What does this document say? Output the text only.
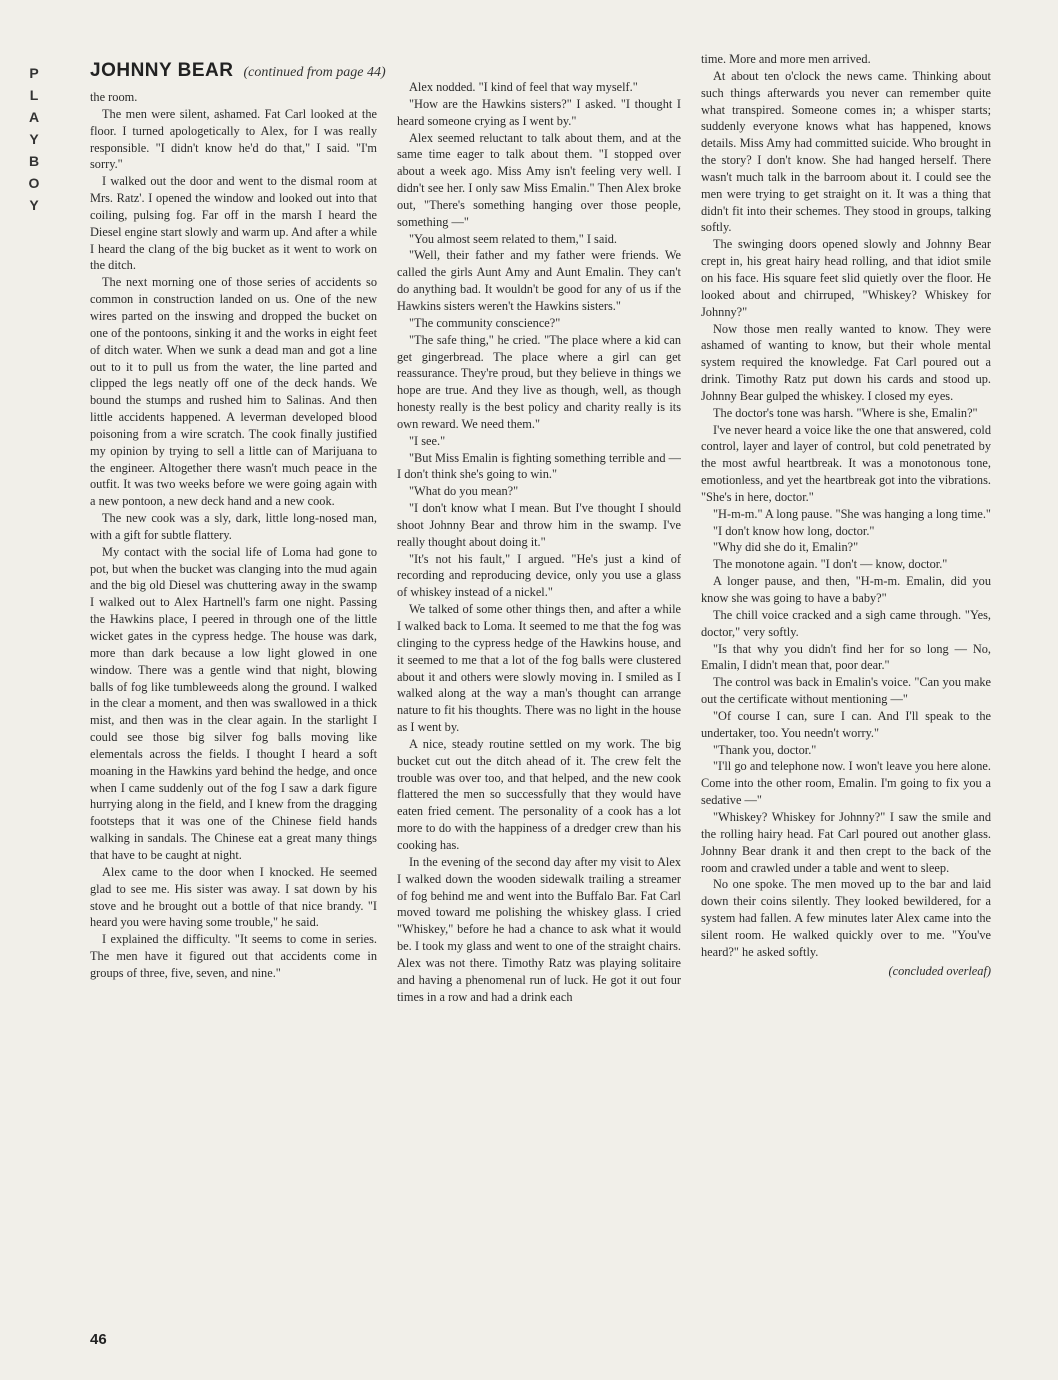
P
L
A
Y
B
O
Y
JOHNNY BEAR (continued from page 44)

the room.

The men were silent, ashamed. Fat Carl looked at the floor. I turned apologetically to Alex, for I was really responsible. "I didn't know he'd do that," I said. "I'm sorry."

I walked out the door and went to the dismal room at Mrs. Ratz'. I opened the window and looked out into that coiling, pulsing fog. Far off in the marsh I heard the Diesel engine start slowly and warm up. And after a while I heard the clang of the big bucket as it went to work on the ditch.

The next morning one of those series of accidents so common in construction landed on us. One of the new wires parted on the inswing and dropped the bucket on one of the pontoons, sinking it and the works in eight feet of ditch water. When we sunk a dead man and got a line out to it to pull us from the water, the line parted and clipped the legs neatly off one of the deck hands. We bound the stumps and rushed him to Salinas. And then little accidents happened. A leverman developed blood poisoning from a wire scratch. The cook finally justified my opinion by trying to sell a little can of Marijuana to the engineer. Altogether there wasn't much peace in the outfit. It was two weeks before we were going again with a new pontoon, a new deck hand and a new cook.

The new cook was a sly, dark, little long-nosed man, with a gift for subtle flattery.

My contact with the social life of Loma had gone to pot, but when the bucket was clanging into the mud again and the big old Diesel was chuttering away in the swamp I walked out to Alex Hartnell's farm one night. Passing the Hawkins place, I peered in through one of the little wicket gates in the cypress hedge. The house was dark, more than dark because a low light glowed in one window. There was a gentle wind that night, blowing balls of fog like tumbleweeds along the ground. I walked in the clear a moment, and then was swallowed in a thick mist, and then was in the clear again. In the starlight I could see those big silver fog balls moving like elementals across the fields. I thought I heard a soft moaning in the Hawkins yard behind the hedge, and once when I came suddenly out of the fog I saw a dark figure hurrying along in the field, and I knew from the dragging footsteps that it was one of the Chinese field hands walking in sandals. The Chinese eat a great many things that have to be caught at night.

Alex came to the door when I knocked. He seemed glad to see me. His sister was away. I sat down by his stove and he brought out a bottle of that nice brandy. "I heard you were having some trouble," he said.

I explained the difficulty. "It seems to come in series. The men have it figured out that accidents come in groups of three, five, seven, and nine."

Alex nodded. "I kind of feel that way myself."

"How are the Hawkins sisters?" I asked. "I thought I heard someone crying as I went by."

Alex seemed reluctant to talk about them, and at the same time eager to talk about them. "I stopped over about a week ago. Miss Amy isn't feeling very well. I didn't see her. I only saw Miss Emalin." Then Alex broke out, "There's something hanging over those people, something —"

"You almost seem related to them," I said.

"Well, their father and my father were friends. We called the girls Aunt Amy and Aunt Emalin. They can't do anything bad. It wouldn't be good for any of us if the Hawkins sisters weren't the Hawkins sisters."

"The community conscience?"

"The safe thing," he cried. "The place where a kid can get gingerbread. The place where a girl can get reassurance. They're proud, but they believe in things we hope are true. And they live as though, well, as though honesty really is the best policy and charity really is its own reward. We need them."

"I see."

"But Miss Emalin is fighting something terrible and — I don't think she's going to win."

"What do you mean?"

"I don't know what I mean. But I've thought I should shoot Johnny Bear and throw him in the swamp. I've really thought about doing it."

"It's not his fault," I argued. "He's just a kind of recording and reproducing device, only you use a glass of whiskey instead of a nickel."

We talked of some other things then, and after a while I walked back to Loma. It seemed to me that the fog was clinging to the cypress hedge of the Hawkins house, and it seemed to me that a lot of the fog balls were clustered about it and others were slowly moving in. I smiled as I walked along at the way a man's thought can arrange nature to fit his thoughts. There was no light in the house as I went by.

A nice, steady routine settled on my work. The big bucket cut out the ditch ahead of it. The crew felt the trouble was over too, and that helped, and the new cook flattered the men so successfully that they would have eaten fried cement. The personality of a cook has a lot more to do with the happiness of a dredger crew than his cooking has.

In the evening of the second day after my visit to Alex I walked down the wooden sidewalk trailing a streamer of fog behind me and went into the Buffalo Bar. Fat Carl moved toward me polishing the whiskey glass. I cried "Whiskey," before he had a chance to ask what it would be. I took my glass and went to one of the straight chairs. Alex was not there. Timothy Ratz was playing solitaire and having a phenomenal run of luck. He got it out four times in a row and had a drink each

time. More and more men arrived.

At about ten o'clock the news came. Thinking about such things afterwards you never can remember quite what transpired. Someone comes in; a whisper starts; suddenly everyone knows what has happened, knows details. Miss Amy had committed suicide. Who brought in the story? I don't know. She had hanged herself. There wasn't much talk in the barroom about it. I could see the men were trying to get straight on it. It was a thing that didn't fit into their schemes. They stood in groups, talking softly.

The swinging doors opened slowly and Johnny Bear crept in, his great hairy head rolling, and that idiot smile on his face. His square feet slid quietly over the floor. He looked about and chirruped, "Whiskey? Whiskey for Johnny?"

Now those men really wanted to know. They were ashamed of wanting to know, but their whole mental system required the knowledge. Fat Carl poured out a drink. Timothy Ratz put down his cards and stood up. Johnny Bear gulped the whiskey. I closed my eyes.

The doctor's tone was harsh. "Where is she, Emalin?"

I've never heard a voice like the one that answered, cold control, layer and layer of control, but cold penetrated by the most awful heartbreak. It was a monotonous tone, emotionless, and yet the heartbreak got into the vibrations. "She's in here, doctor."

"H-m-m." A long pause. "She was hanging a long time."

"I don't know how long, doctor."

"Why did she do it, Emalin?"

The monotone again. "I don't — know, doctor."

A longer pause, and then, "H-m-m. Emalin, did you know she was going to have a baby?"

The chill voice cracked and a sigh came through. "Yes, doctor," very softly.

"Is that why you didn't find her for so long — No, Emalin, I didn't mean that, poor dear."

The control was back in Emalin's voice. "Can you make out the certificate without mentioning —"

"Of course I can, sure I can. And I'll speak to the undertaker, too. You needn't worry."

"Thank you, doctor."

"I'll go and telephone now. I won't leave you here alone. Come into the other room, Emalin. I'm going to fix you a sedative —"

"Whiskey? Whiskey for Johnny?" I saw the smile and the rolling hairy head. Fat Carl poured out another glass. Johnny Bear drank it and then crept to the back of the room and crawled under a table and went to sleep.

No one spoke. The men moved up to the bar and laid down their coins silently. They looked bewildered, for a system had fallen. A few minutes later Alex came into the silent room. He walked quickly over to me. "You've heard?" he asked softly.

(concluded overleaf)
46
